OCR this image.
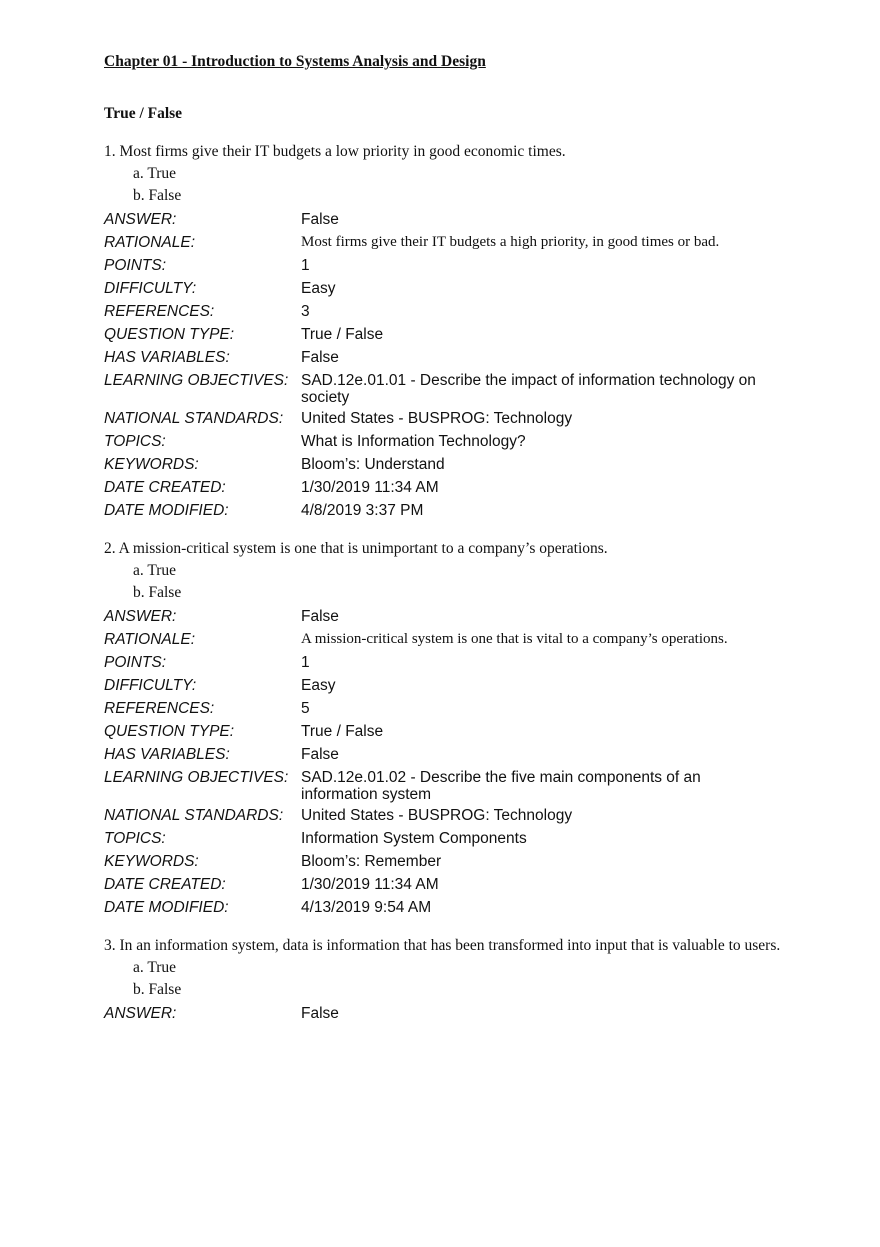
Chapter 01 - Introduction to Systems Analysis and Design
True / False
1. Most firms give their IT budgets a low priority in good economic times.
a. True
b. False
ANSWER:	False
RATIONALE:	Most firms give their IT budgets a high priority, in good times or bad.
POINTS:	1
DIFFICULTY:	Easy
REFERENCES:	3
QUESTION TYPE:	True / False
HAS VARIABLES:	False
LEARNING OBJECTIVES: SAD.12e.01.01 - Describe the impact of information technology on society
NATIONAL STANDARDS:	United States - BUSPROG: Technology
TOPICS:	What is Information Technology?
KEYWORDS:	Bloom’s: Understand
DATE CREATED:	1/30/2019 11:34 AM
DATE MODIFIED:	4/8/2019 3:37 PM
2. A mission-critical system is one that is unimportant to a company’s operations.
a. True
b. False
ANSWER:	False
RATIONALE:	A mission-critical system is one that is vital to a company’s operations.
POINTS:	1
DIFFICULTY:	Easy
REFERENCES:	5
QUESTION TYPE:	True / False
HAS VARIABLES:	False
LEARNING OBJECTIVES: SAD.12e.01.02 - Describe the five main components of an information system
NATIONAL STANDARDS:	United States - BUSPROG: Technology
TOPICS:	Information System Components
KEYWORDS:	Bloom’s: Remember
DATE CREATED:	1/30/2019 11:34 AM
DATE MODIFIED:	4/13/2019 9:54 AM
3. In an information system, data is information that has been transformed into input that is valuable to users.
a. True
b. False
ANSWER:	False
